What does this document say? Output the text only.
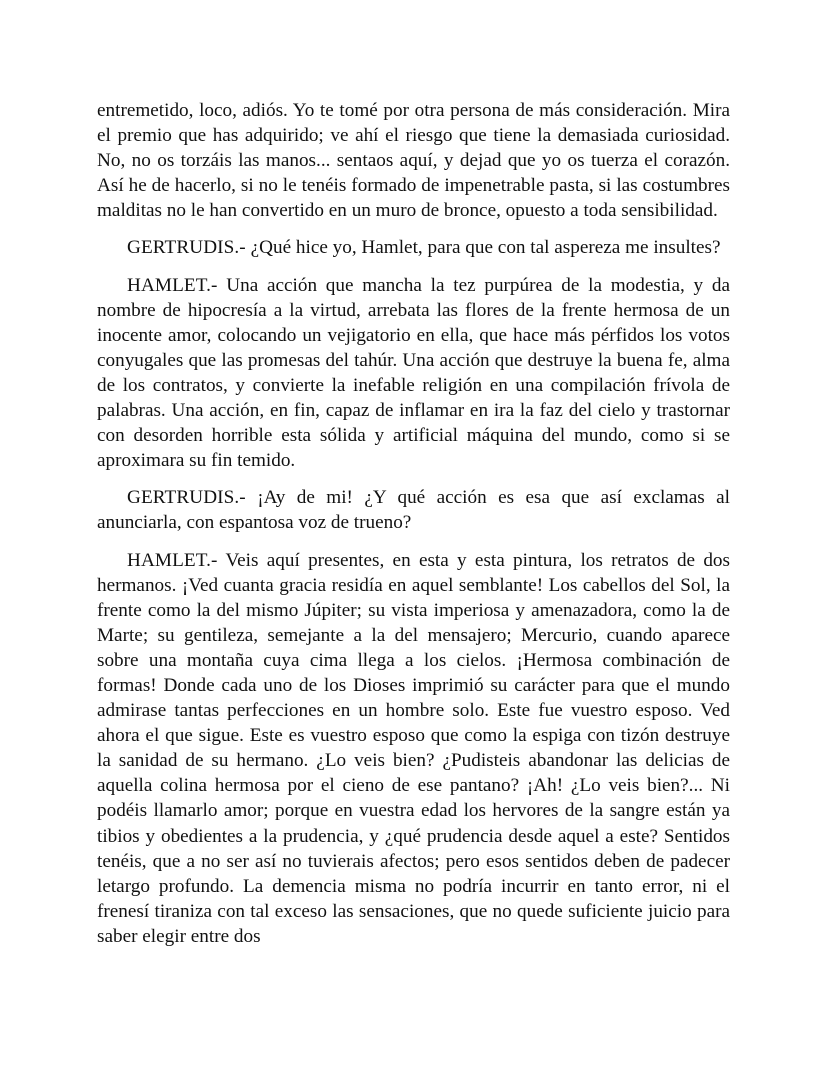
entremetido, loco, adiós. Yo te tomé por otra persona de más consideración. Mira el premio que has adquirido; ve ahí el riesgo que tiene la demasiada curiosidad. No, no os torzáis las manos... sentaos aquí, y dejad que yo os tuerza el corazón. Así he de hacerlo, si no le tenéis formado de impenetrable pasta, si las costumbres malditas no le han convertido en un muro de bronce, opuesto a toda sensibilidad.

GERTRUDIS.- ¿Qué hice yo, Hamlet, para que con tal aspereza me insultes?

HAMLET.- Una acción que mancha la tez purpúrea de la modestia, y da nombre de hipocresía a la virtud, arrebata las flores de la frente hermosa de un inocente amor, colocando un vejigatorio en ella, que hace más pérfidos los votos conyugales que las promesas del tahúr. Una acción que destruye la buena fe, alma de los contratos, y convierte la inefable religión en una compilación frívola de palabras. Una acción, en fin, capaz de inflamar en ira la faz del cielo y trastornar con desorden horrible esta sólida y artificial máquina del mundo, como si se aproximara su fin temido.

GERTRUDIS.- ¡Ay de mi! ¿Y qué acción es esa que así exclamas al anunciarla, con espantosa voz de trueno?

HAMLET.- Veis aquí presentes, en esta y esta pintura, los retratos de dos hermanos. ¡Ved cuanta gracia residía en aquel semblante! Los cabellos del Sol, la frente como la del mismo Júpiter; su vista imperiosa y amenazadora, como la de Marte; su gentileza, semejante a la del mensajero; Mercurio, cuando aparece sobre una montaña cuya cima llega a los cielos. ¡Hermosa combinación de formas! Donde cada uno de los Dioses imprimió su carácter para que el mundo admirase tantas perfecciones en un hombre solo. Este fue vuestro esposo. Ved ahora el que sigue. Este es vuestro esposo que como la espiga con tizón destruye la sanidad de su hermano. ¿Lo veis bien? ¿Pudisteis abandonar las delicias de aquella colina hermosa por el cieno de ese pantano? ¡Ah! ¿Lo veis bien?... Ni podéis llamarlo amor; porque en vuestra edad los hervores de la sangre están ya tibios y obedientes a la prudencia, y ¿qué prudencia desde aquel a este? Sentidos tenéis, que a no ser así no tuvierais afectos; pero esos sentidos deben de padecer letargo profundo. La demencia misma no podría incurrir en tanto error, ni el frenesí tiraniza con tal exceso las sensaciones, que no quede suficiente juicio para saber elegir entre dos
